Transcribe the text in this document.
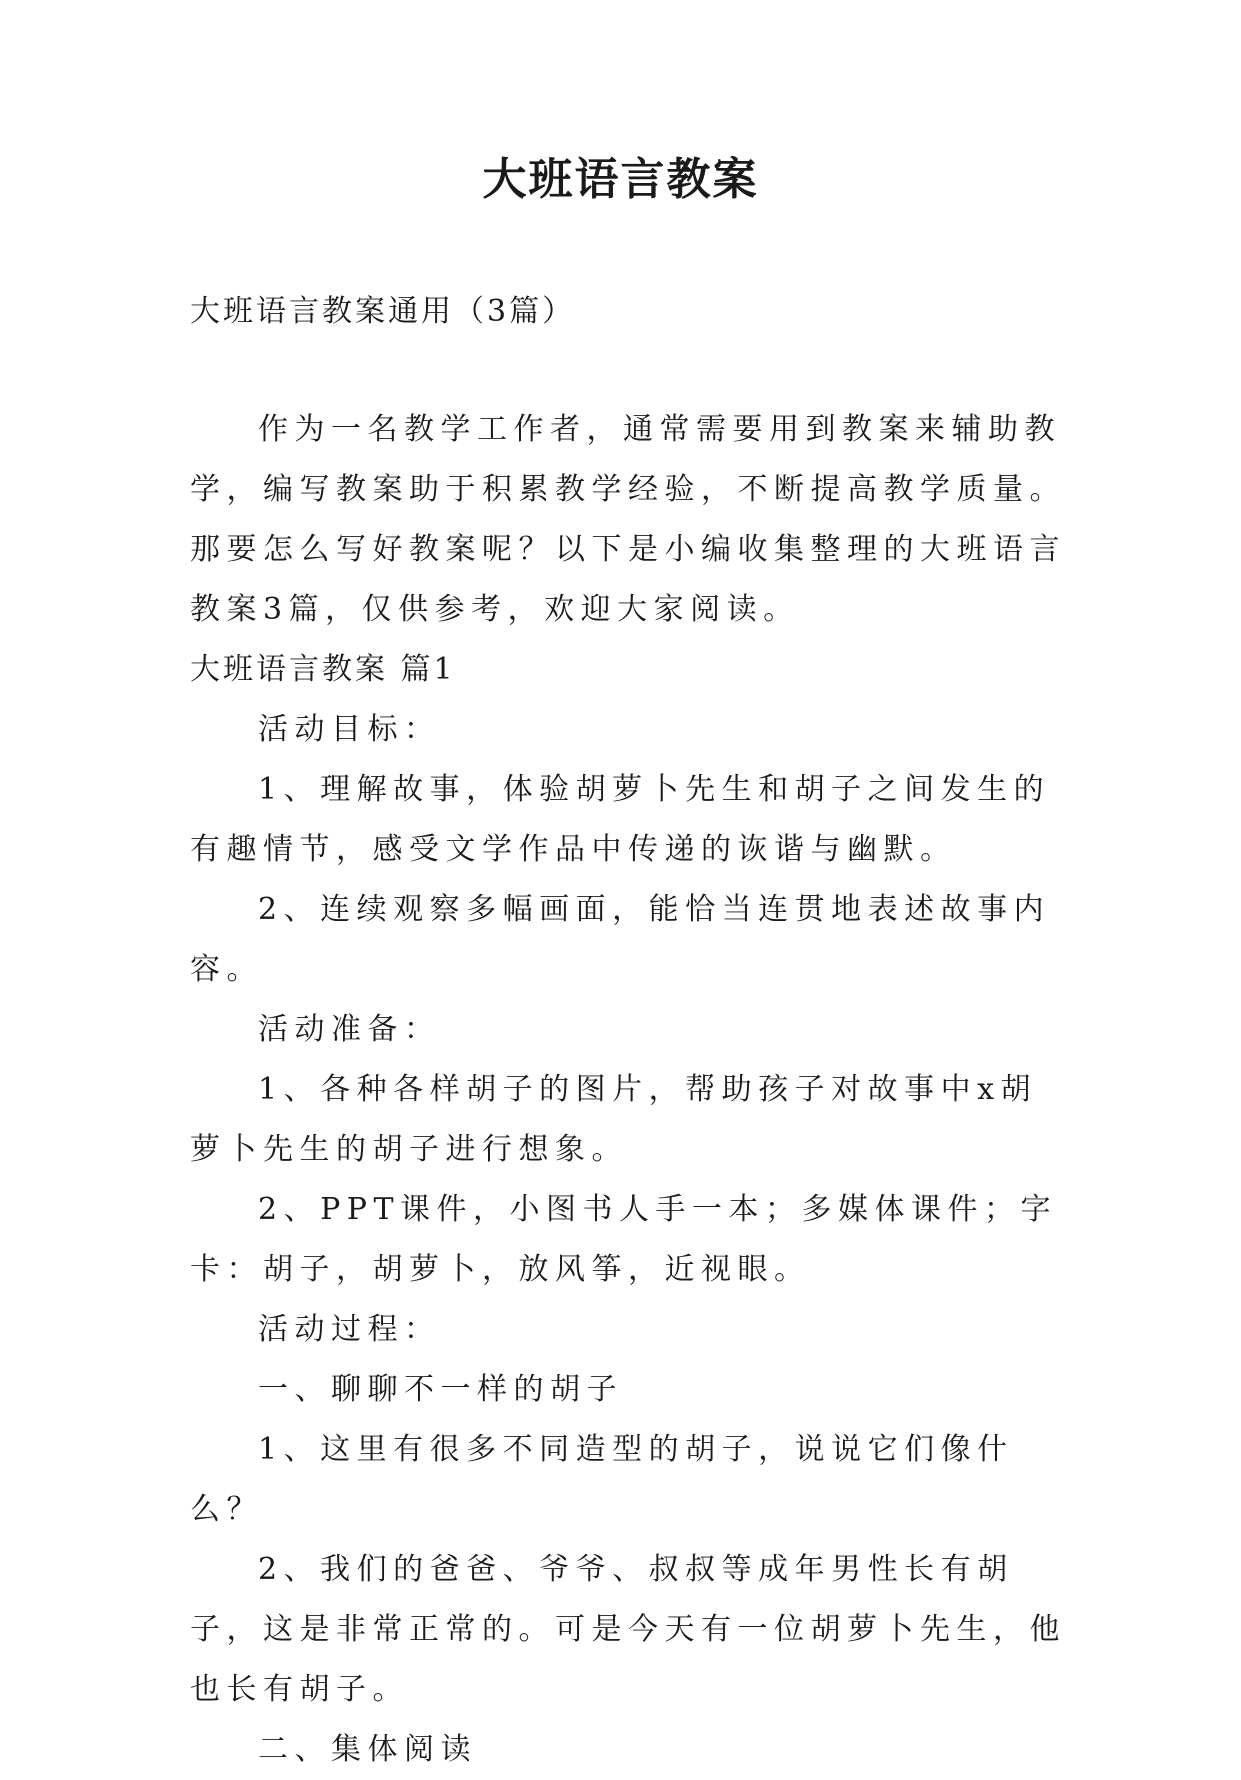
大班语言教案

大班语言教案通用（3篇）

作为一名教学工作者，通常需要用到教案来辅助教学，编写教案助于积累教学经验，不断提高教学质量。那要怎么写好教案呢？以下是小编收集整理的大班语言教案3篇，仅供参考，欢迎大家阅读。

大班语言教案 篇1

活动目标：

1、理解故事，体验胡萝卜先生和胡子之间发生的有趣情节，感受文学作品中传递的诙谐与幽默。

2、连续观察多幅画面，能恰当连贯地表述故事内容。

活动准备：

1、各种各样胡子的图片，帮助孩子对故事中x胡萝卜先生的胡子进行想象。

2、PPT课件，小图书人手一本；多媒体课件；字卡：胡子，胡萝卜，放风筝，近视眼。

活动过程：

一、聊聊不一样的胡子

1、这里有很多不同造型的胡子，说说它们像什么？

2、我们的爸爸、爷爷、叔叔等成年男性长有胡子，这是非常正常的。可是今天有一位胡萝卜先生，他也长有胡子。

二、集体阅读
